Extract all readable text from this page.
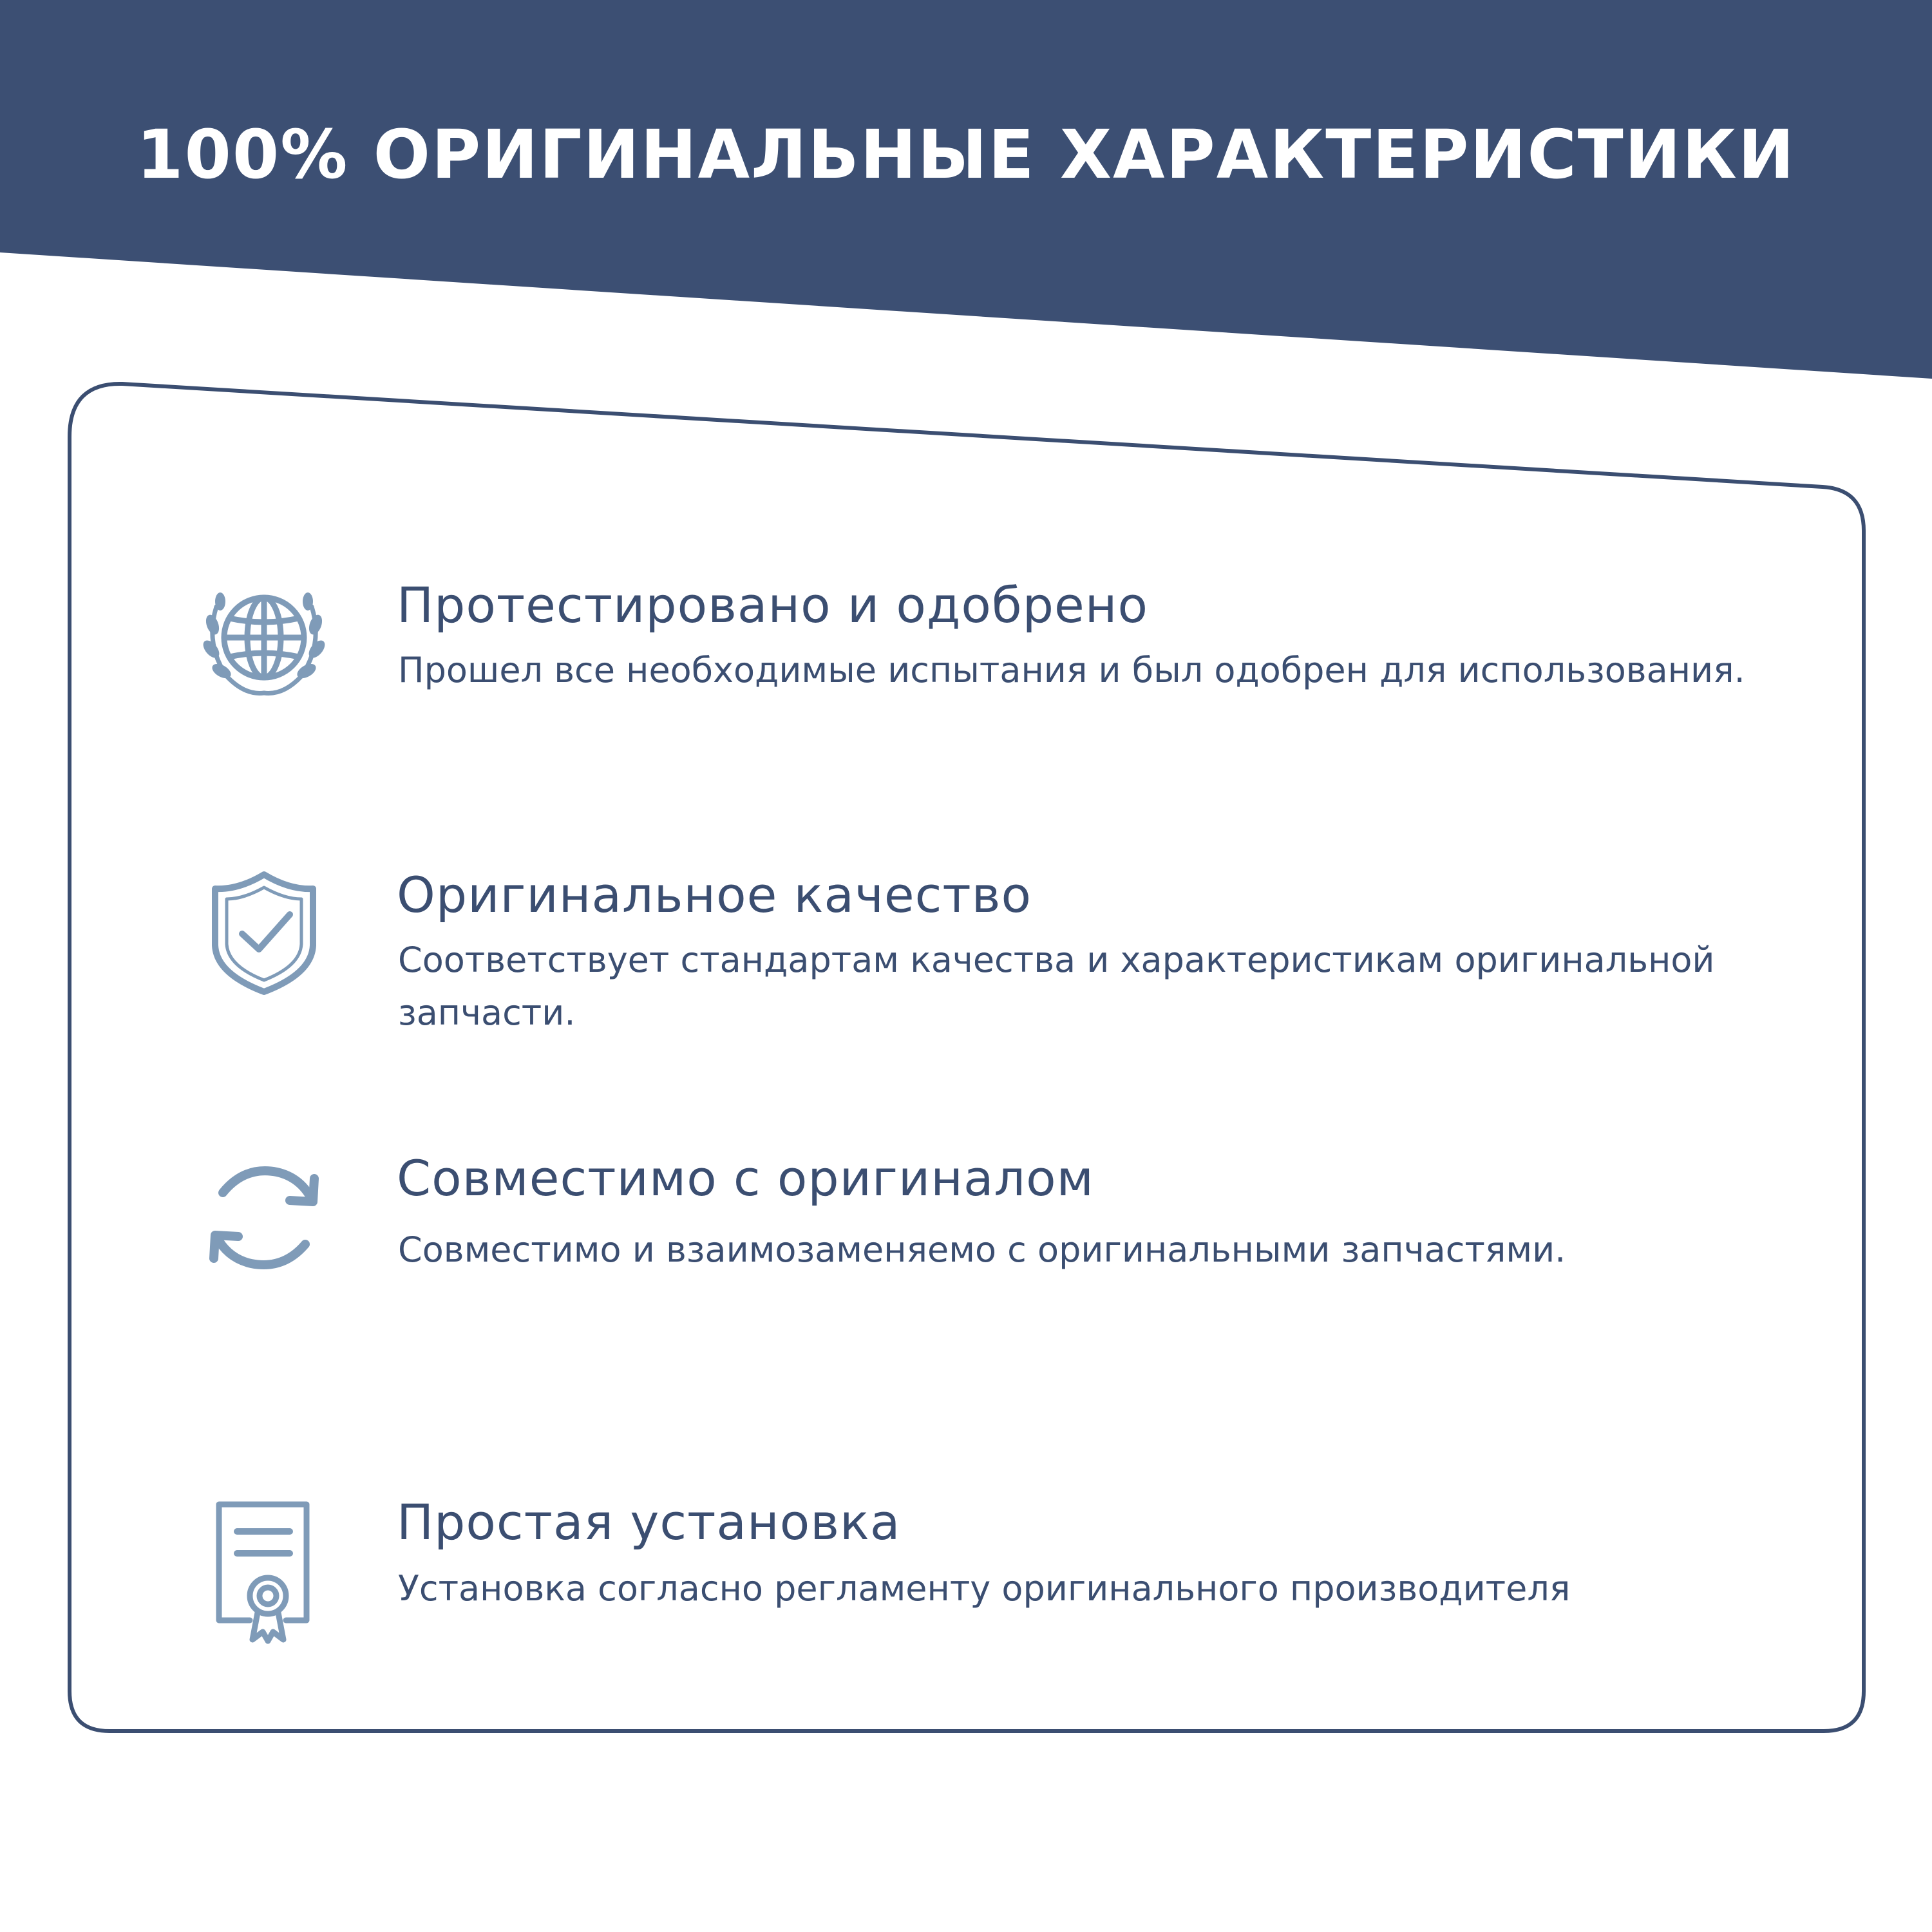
100% ОРИГИНАЛЬНЫЕ ХАРАКТЕРИСТИКИ
Протестировано и одобрено
Прошел все необходимые испытания и был одобрен для использования.
Оригинальное качество
Соответствует стандартам качества и характеристикам оригинальной запчасти.
Совместимо с оригиналом
Совместимо и взаимозаменяемо с оригинальными запчастями.
Простая установка
Установка согласно регламенту оригинального производителя
